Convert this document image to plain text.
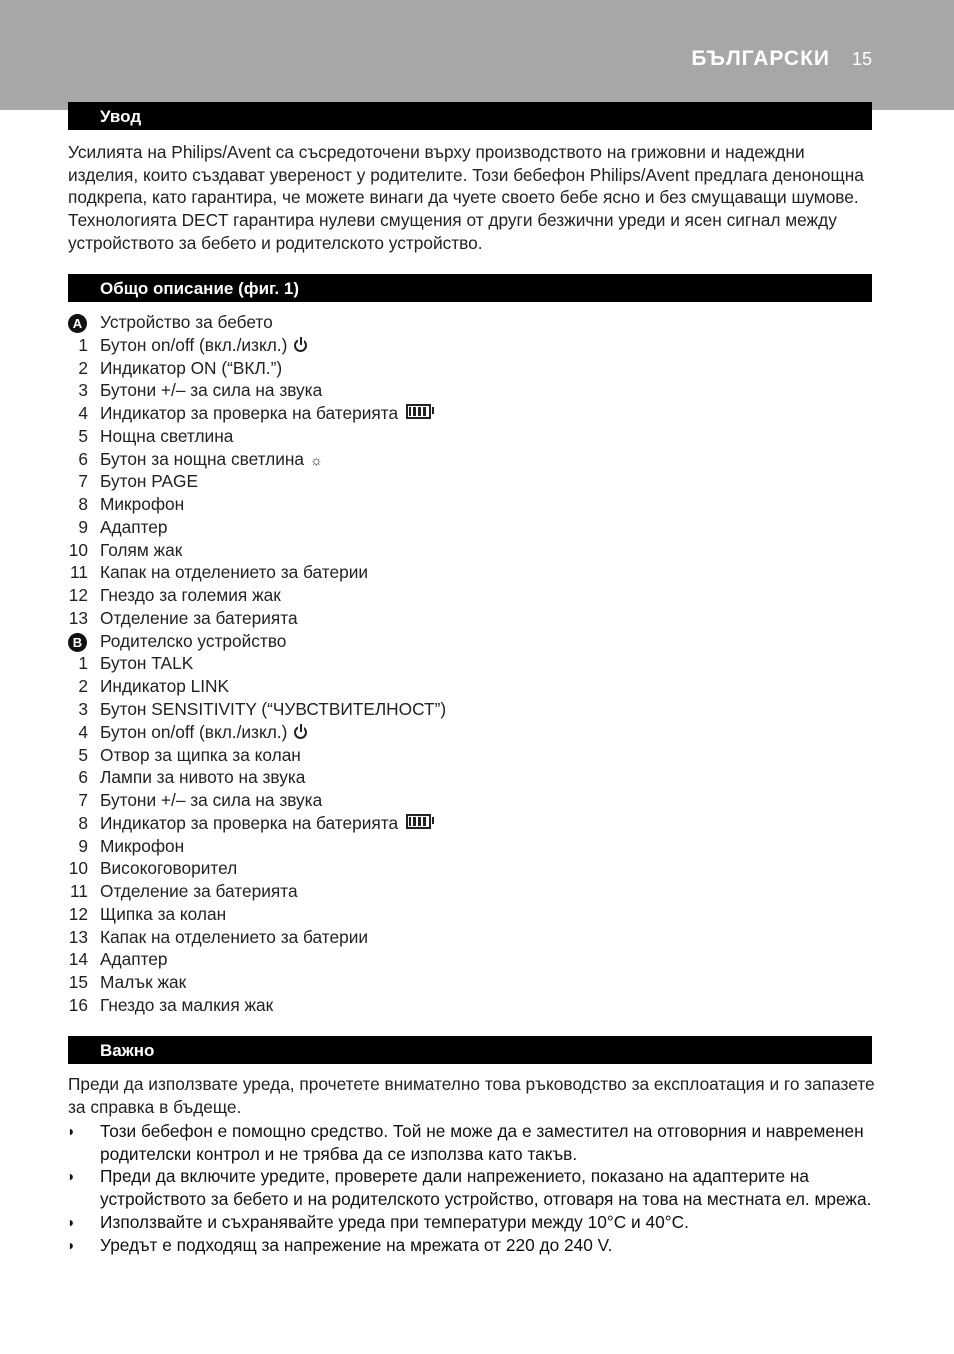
БЪЛГАРСКИ 15
Увод
Усилията на Philips/Avent са съсредоточени върху производството на грижовни и надеждни изделия, които създават увереност у родителите. Този бебефон Philips/Avent предлага денонощна подкрепа, като гарантира, че можете винаги да чуете своето бебе ясно и без смущаващи шумове. Технологията DECT гарантира нулеви смущения от други безжични уреди и ясен сигнал между устройството за бебето и родителското устройство.
Общо описание (фиг. 1)
A Устройство за бебето
1 Бутон on/off (вкл./изкл.)
2 Индикатор ON (“ВКЛ.”)
3 Бутони +/– за сила на звука
4 Индикатор за проверка на батерията
5 Нощна светлина
6 Бутон за нощна светлина ☼
7 Бутон PAGE
8 Микрофон
9 Адаптер
10 Голям жак
11 Капак на отделението за батерии
12 Гнездо за големия жак
13 Отделение за батерията
B Родителско устройство
1 Бутон TALK
2 Индикатор LINK
3 Бутон SENSITIVITY (“ЧУВСТВИТЕЛНОСТ”)
4 Бутон on/off (вкл./изкл.)
5 Отвор за щипка за колан
6 Лампи за нивото на звука
7 Бутони +/– за сила на звука
8 Индикатор за проверка на батерията
9 Микрофон
10 Високоговорител
11 Отделение за батерията
12 Щипка за колан
13 Капак на отделението за батерии
14 Адаптер
15 Малък жак
16 Гнездо за малкия жак
Важно
Преди да използвате уреда, прочетете внимателно това ръководство за експлоатация и го запазете за справка в бъдеще.
◗ Този бебефон е помощно средство. Той не може да е заместител на отговорния и навременен родителски контрол и не трябва да се използва като такъв.
◗ Преди да включите уредите, проверете дали напрежението, показано на адаптерите на устройството за бебето и на родителското устройство, отговаря на това на местната ел. мрежа.
◗ Използвайте и съхранявайте уреда при температури между 10°C и 40°C.
◗ Уредът е подходящ за напрежение на мрежата от 220 до 240 V.
